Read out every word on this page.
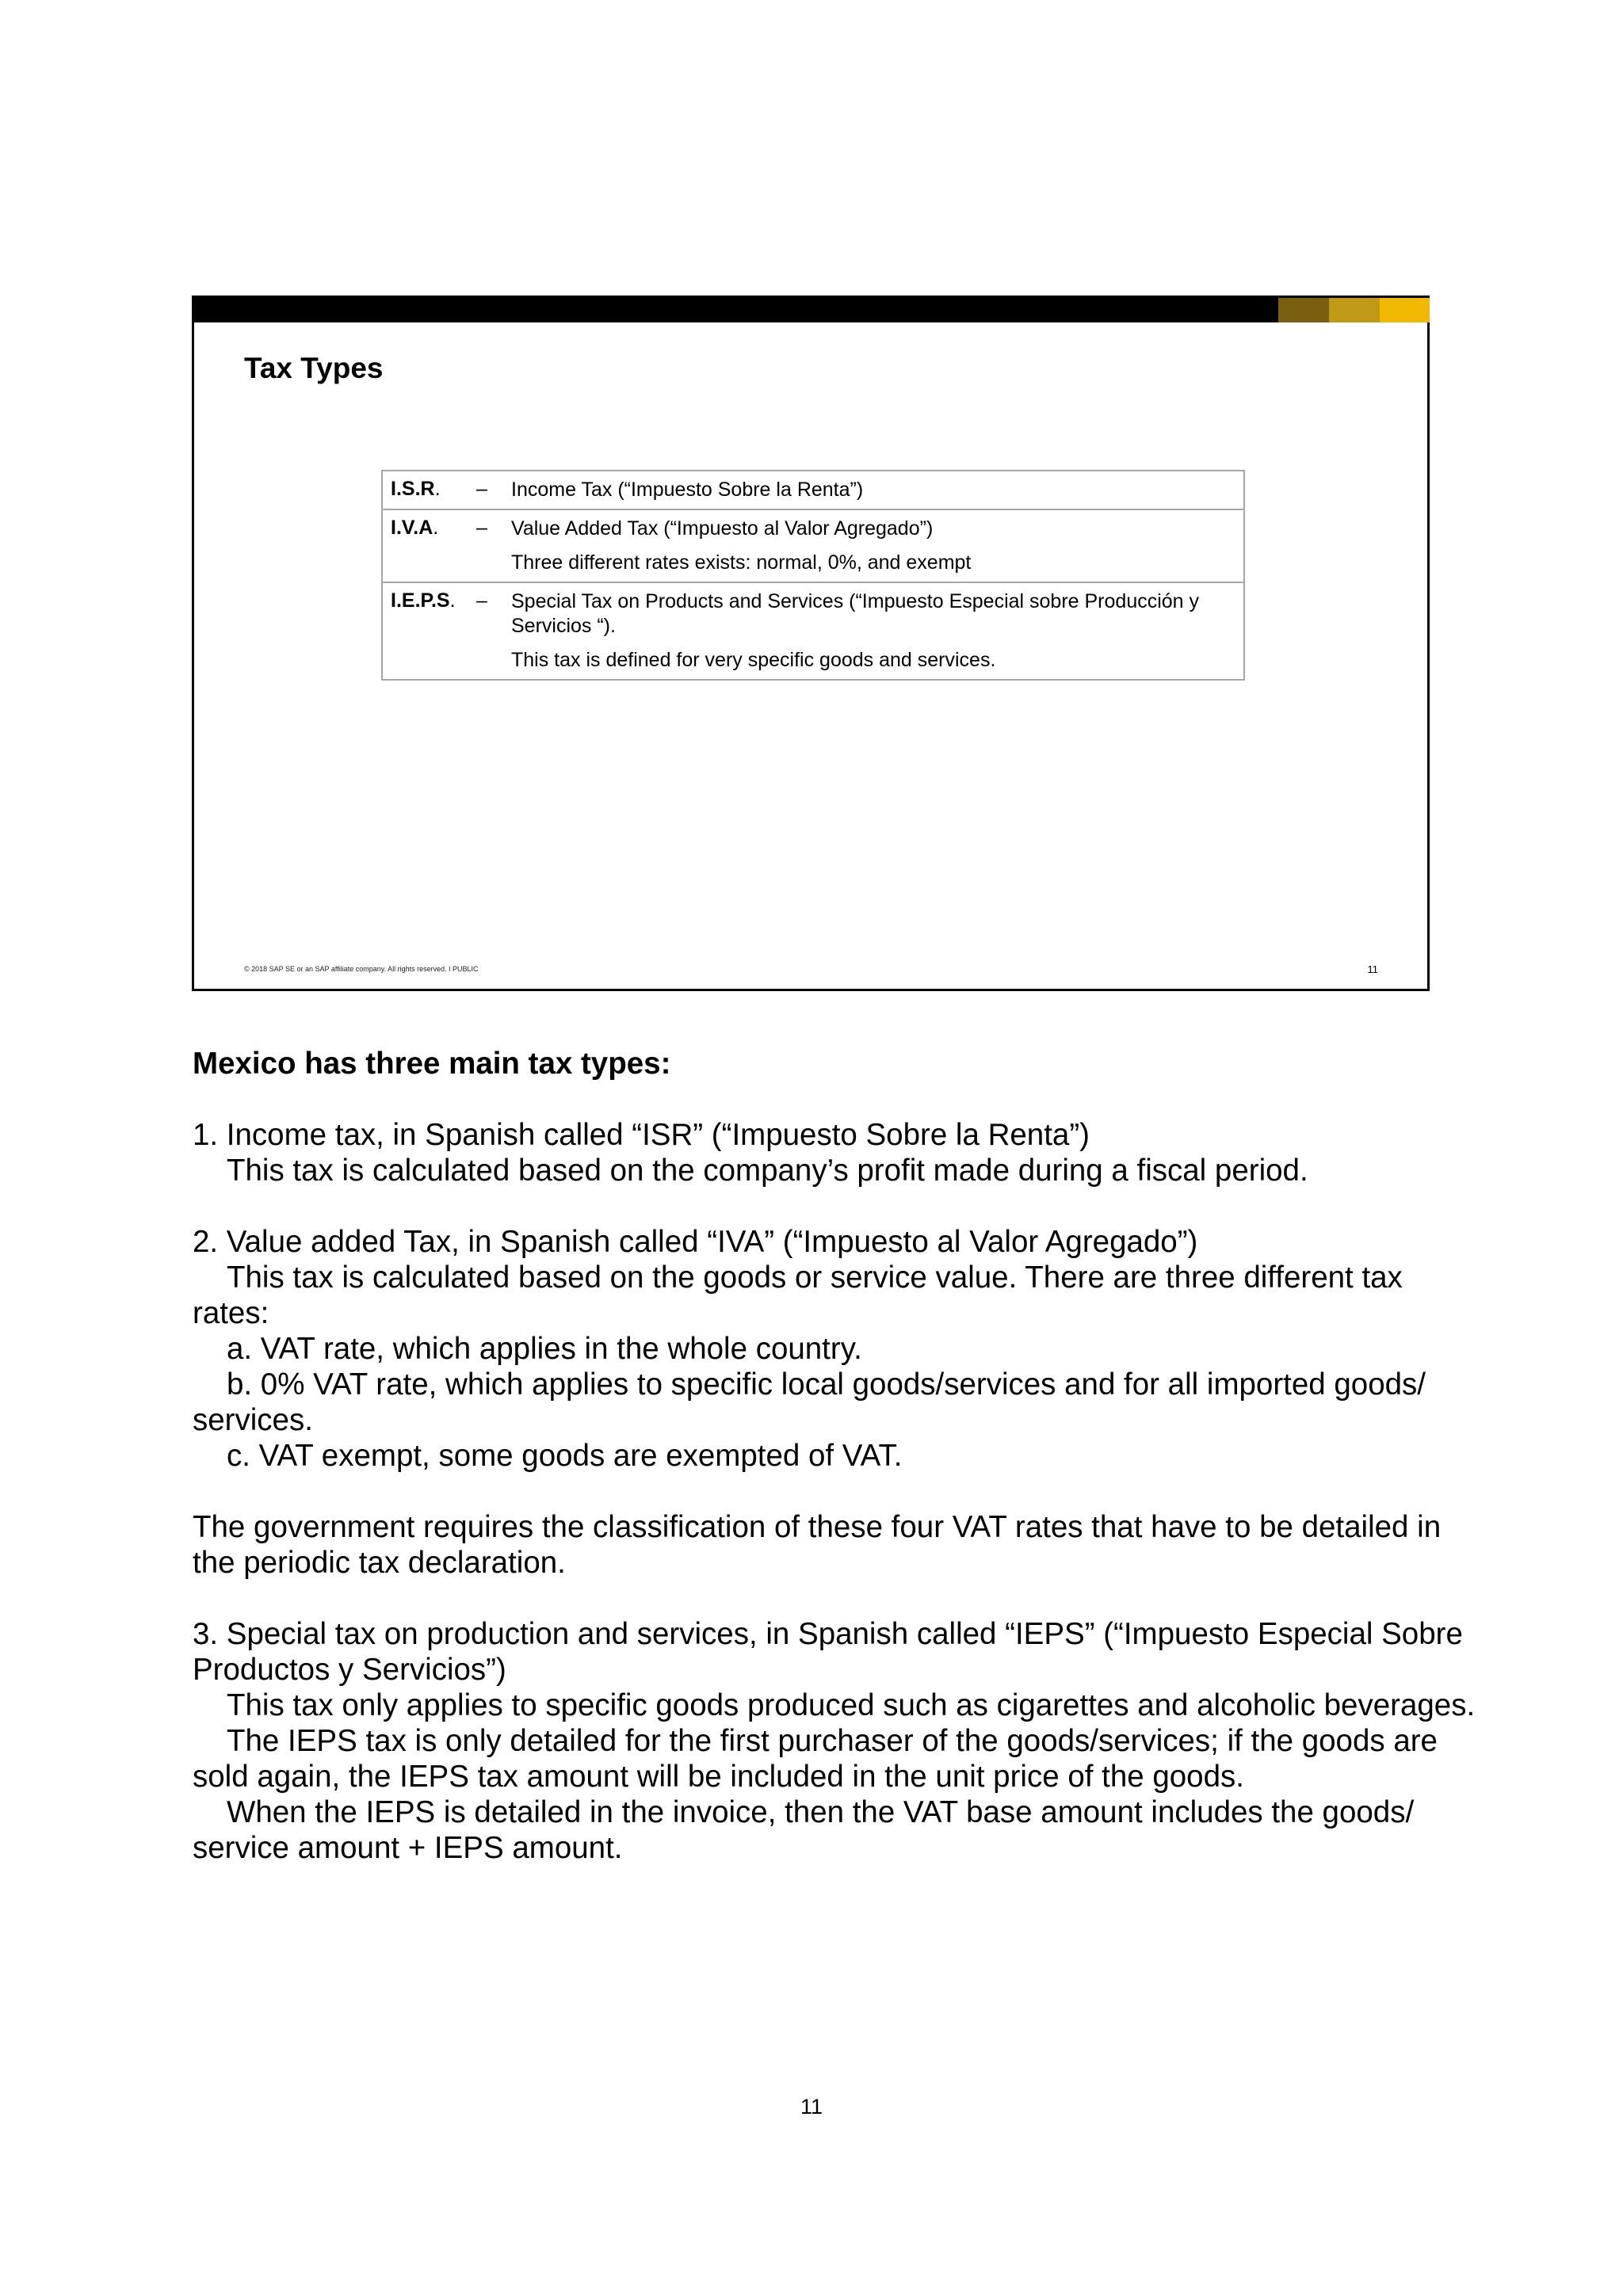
Tax Types
I.S.R.	–	Income Tax (“Impuesto Sobre la Renta”)

I.V.A.	–	Value Added Tax (“Impuesto al Valor Agregado”)
Three different rates exists: normal, 0%, and exempt

I.E.P.S.	–	Special Tax on Products and Services (“Impuesto Especial sobre Producción y
Servicios “).
This tax is defined for very specific goods and services.
© 2018 SAP SE or an SAP affiliate company. All rights reserved. ǀ PUBLIC	11

Mexico has three main tax types:

1. Income tax, in Spanish called “ISR” (“Impuesto Sobre la Renta”)

This tax is calculated based on the company’s profit made during a fiscal period.

2. Value added Tax, in Spanish called “IVA” (“Impuesto al Valor Agregado”)

This tax is calculated based on the goods or service value. There are three different tax

rates:

a. VAT rate, which applies in the whole country.

b. 0% VAT rate, which applies to specific local goods/services and for all imported goods/

services.

c. VAT exempt, some goods are exempted of VAT.

The government requires the classification of these four VAT rates that have to be detailed in

the periodic tax declaration.

3. Special tax on production and services, in Spanish called “IEPS” (“Impuesto Especial Sobre

Productos y Servicios”)

This tax only applies to specific goods produced such as cigarettes and alcoholic beverages.

The IEPS tax is only detailed for the first purchaser of the goods/services; if the goods are

sold again, the IEPS tax amount will be included in the unit price of the goods.

When the IEPS is detailed in the invoice, then the VAT base amount includes the goods/

service amount + IEPS amount.

11
